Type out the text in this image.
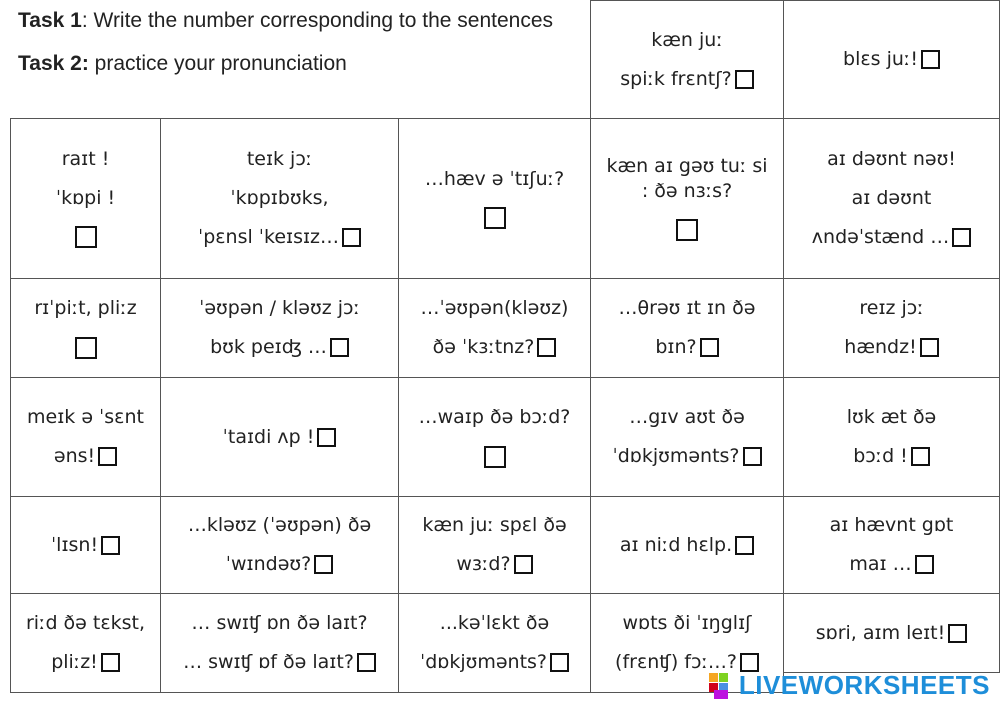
Task 1: Write the number corresponding to the sentences

Task 2: practice your pronunciation

kæn juː
spiːk frɛntʃ?
blɛs juː!
raɪt !
ˈkɒpi !
teɪk jɔː
ˈkɒpɪbʊks,
ˈpɛnsl ˈkeɪsɪz…
…hæv ə ˈtɪʃuː?
kæn aɪ gəʊ tuː si
: ðə nɜːs?
aɪ dəʊnt nəʊ!
aɪ dəʊnt
ʌndəˈstænd …
rɪˈpiːt, pliːz	ˈəʊpən / kləʊz jɔː
bʊk peɪʤ …
…ˈəʊpən(kləʊz)
ðə ˈkɜːtnz?
…θrəʊ ɪt ɪn ðə
bɪn?
reɪz jɔː
hændz!
meɪk ə ˈsɛnt
əns!
ˈtaɪdi ʌp !
…waɪp ðə bɔːd?	…gɪv aʊt ðə
ˈdɒkjʊmənts?
lʊk æt ðə
bɔːd !
ˈlɪsn!
…kləʊz (ˈəʊpən) ðə
ˈwɪndəʊ?
kæn juː spɛl ðə
wɜːd?
aɪ niːd hɛlp.
aɪ hævnt gɒt
maɪ …
riːd ðə tɛkst,
pliːz!
… swɪʧ ɒn ðə laɪt?
… swɪʧ ɒf ðə laɪt?
...kəˈlɛkt ðə
ˈdɒkjʊmənts?
wɒts ði ˈɪŋglɪʃ
(frɛnʧ) fɔː…?
sɒri, aɪm leɪt!
LIVEWORKSHEETS
